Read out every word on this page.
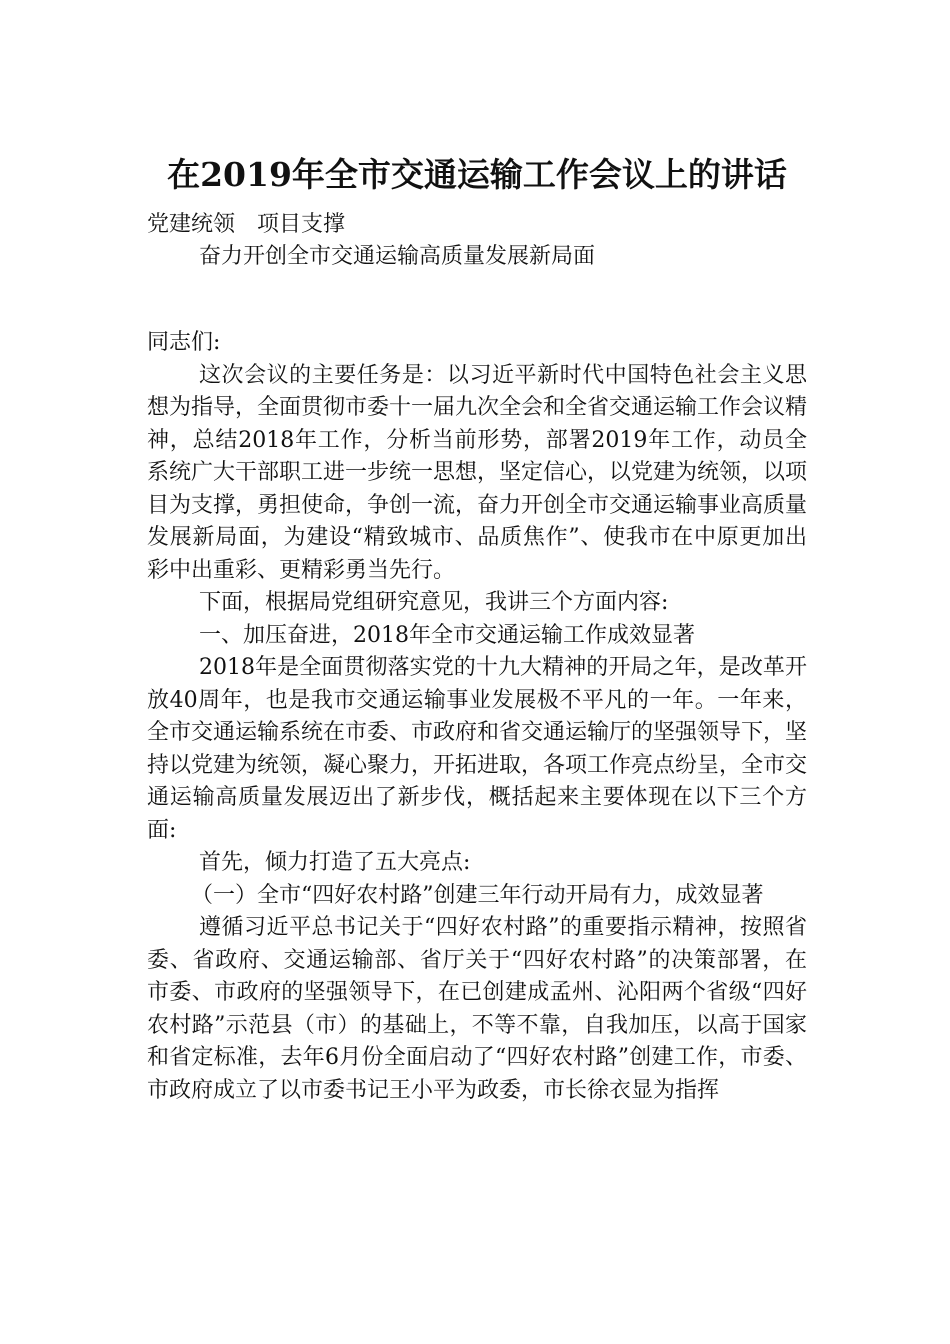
在2019年全市交通运输工作会议上的讲话
党建统领　项目支撑
奋力开创全市交通运输高质量发展新局面

同志们:

这次会议的主要任务是：以习近平新时代中国特色社会主义思想为指导，全面贯彻市委十一届九次全会和全省交通运输工作会议精神，总结2018年工作，分析当前形势，部署2019年工作，动员全系统广大干部职工进一步统一思想，坚定信心，以党建为统领，以项目为支撑，勇担使命，争创一流，奋力开创全市交通运输事业高质量发展新局面，为建设“精致城市、品质焦作”、使我市在中原更加出彩中出重彩、更精彩勇当先行。

下面，根据局党组研究意见，我讲三个方面内容:

一、加压奋进，2018年全市交通运输工作成效显著

2018年是全面贯彻落实党的十九大精神的开局之年，是改革开放40周年，也是我市交通运输事业发展极不平凡的一年。一年来，全市交通运输系统在市委、市政府和省交通运输厅的坚强领导下，坚持以党建为统领，凝心聚力，开拓进取，各项工作亮点纷呈，全市交通运输高质量发展迈出了新步伐，概括起来主要体现在以下三个方面:

首先，倾力打造了五大亮点:

（一）全市“四好农村路”创建三年行动开局有力，成效显著

遵循习近平总书记关于“四好农村路”的重要指示精神，按照省委、省政府、交通运输部、省厅关于“四好农村路”的决策部署，在市委、市政府的坚强领导下，在已创建成孟州、沁阳两个省级“四好农村路”示范县（市）的基础上，不等不靠，自我加压，以高于国家和省定标准，去年6月份全面启动了“四好农村路”创建工作，市委、市政府成立了以市委书记王小平为政委，市长徐衣显为指挥
